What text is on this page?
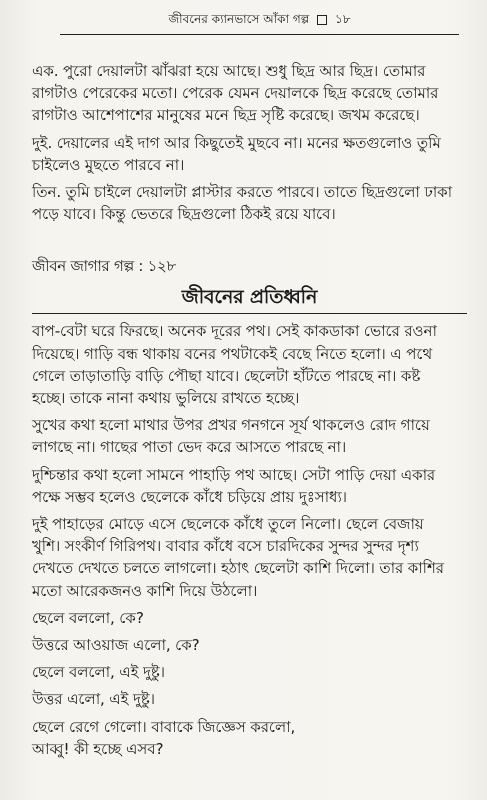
জীবনের ক্যানভাসে আঁকা গল্প ১৮

এক. পুরো দেয়ালটা ঝাঁঝরা হয়ে আছে। শুধু ছিদ্র আর ছিদ্র। তোমার
রাগটাও পেরেকের মতো। পেরেক যেমন দেয়ালকে ছিদ্র করেছে তোমার
রাগটাও আশেপাশের মানুষের মনে ছিদ্র সৃষ্টি করেছে। জখম করেছে।

দুই. দেয়ালের এই দাগ আর কিছুতেই মুছবে না। মনের ক্ষতগুলোও তুমি
চাইলেও মুছতে পারবে না।

তিন. তুমি চাইলে দেয়ালটা প্লাস্টার করতে পারবে। তাতে ছিদ্রগুলো ঢাকা
পড়ে যাবে। কিন্তু ভেতরে ছিদ্রগুলো ঠিকই রয়ে যাবে।

জীবন জাগার গল্প : ১২৮

জীবনের প্রতিধ্বনি

বাপ-বেটা ঘরে ফিরছে। অনেক দূরের পথ। সেই কাকডাকা ভোরে রওনা
দিয়েছে। গাড়ি বন্ধ থাকায় বনের পথটাকেই বেছে নিতে হলো। এ পথে
গেলে তাড়াতাড়ি বাড়ি পৌছা যাবে। ছেলেটা হাঁটতে পারছে না। কষ্ট
হচ্ছে। তাকে নানা কথায় ভুলিয়ে রাখতে হচ্ছে।

সুখের কথা হলো মাথার উপর প্রখর গনগনে সূর্য থাকলেও রোদ গায়ে
লাগছে না। গাছের পাতা ভেদ করে আসতে পারছে না।

দুশ্চিন্তার কথা হলো সামনে পাহাড়ি পথ আছে। সেটা পাড়ি দেয়া একার
পক্ষে সম্ভব হলেও ছেলেকে কাঁধে চড়িয়ে প্রায় দুঃসাধ্য।

দুই পাহাড়ের মোড়ে এসে ছেলেকে কাঁধে তুলে নিলো। ছেলে বেজায়
খুশি। সংকীর্ণ গিরিপথ। বাবার কাঁধে বসে চারদিকের সুন্দর সুন্দর দৃশ্য
দেখতে দেখতে চলতে লাগলো। হঠাৎ ছেলেটা কাশি দিলো। তার কাশির
মতো আরেকজনও কাশি দিয়ে উঠলো।

ছেলে বললো, কে?

উত্তরে আওয়াজ এলো, কে?

ছেলে বললো, এই দুষ্টু।

উত্তর এলো, এই দুষ্টু।

ছেলে রেগে গেলো। বাবাকে জিজ্ঞেস করলো,
আব্বু! কী হচ্ছে এসব?
